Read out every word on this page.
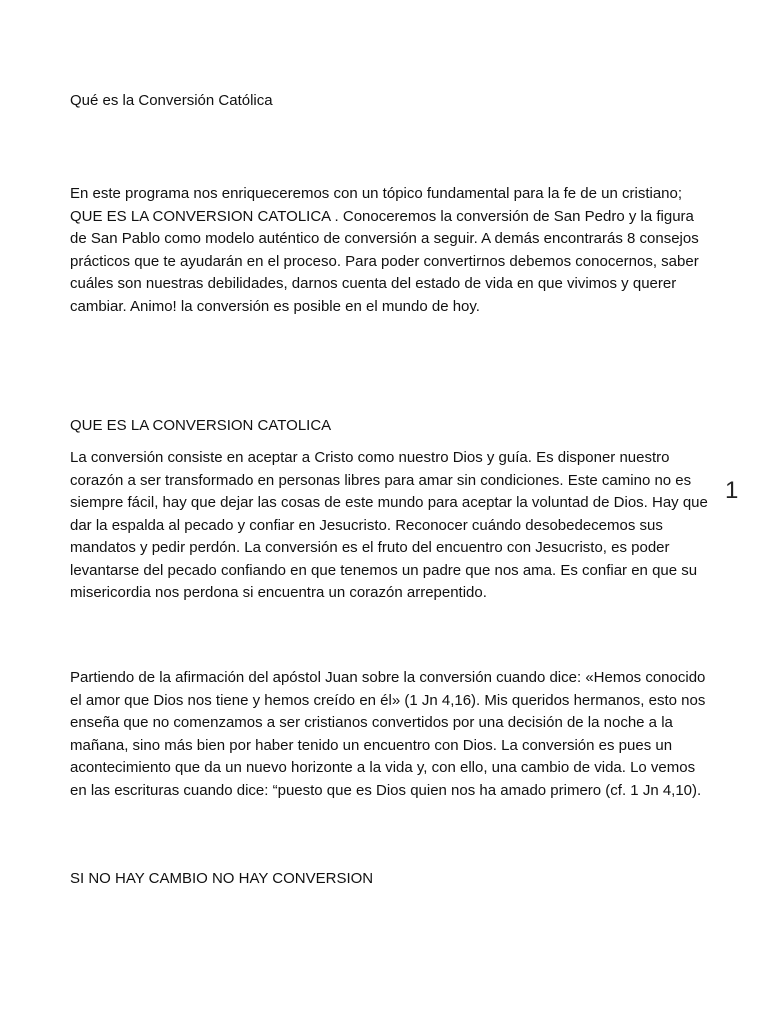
Qué es la Conversión Católica

En este programa nos enriqueceremos con un tópico fundamental para la fe de un cristiano; QUE ES LA CONVERSION CATOLICA . Conoceremos la conversión de San Pedro y la figura de San Pablo como modelo auténtico de conversión a seguir. A demás encontrarás 8 consejos prácticos que te ayudarán en el proceso. Para poder convertirnos debemos conocernos, saber cuáles son nuestras debilidades, darnos cuenta del estado de vida en que vivimos y querer cambiar. Animo! la conversión es posible en el mundo de hoy.

QUE ES LA CONVERSION CATOLICA

La conversión consiste en aceptar a Cristo como nuestro Dios y guía. Es disponer nuestro corazón a ser transformado en personas libres para amar sin condiciones. Este camino no es siempre fácil, hay que dejar las cosas de este mundo para aceptar la voluntad de Dios. Hay que dar la espalda al pecado y confiar en Jesucristo. Reconocer cuándo desobedecemos sus mandatos y pedir perdón. La conversión es el fruto del encuentro con Jesucristo, es poder levantarse del pecado confiando en que tenemos un padre que nos ama. Es confiar en que su misericordia nos perdona si encuentra un corazón arrepentido.

Partiendo de la afirmación del apóstol Juan sobre la conversión cuando dice: «Hemos conocido el amor que Dios nos tiene y hemos creído en él» (1 Jn 4,16). Mis queridos hermanos, esto nos enseña que no comenzamos a ser cristianos convertidos por una decisión de la noche a la mañana, sino más bien por haber tenido un encuentro con Dios. La conversión es pues un acontecimiento que da un nuevo horizonte a la vida y, con ello, una cambio de vida. Lo vemos en las escrituras cuando dice: “puesto que es Dios quien nos ha amado primero (cf. 1 Jn 4,10).

SI NO HAY CAMBIO NO HAY CONVERSION

1
